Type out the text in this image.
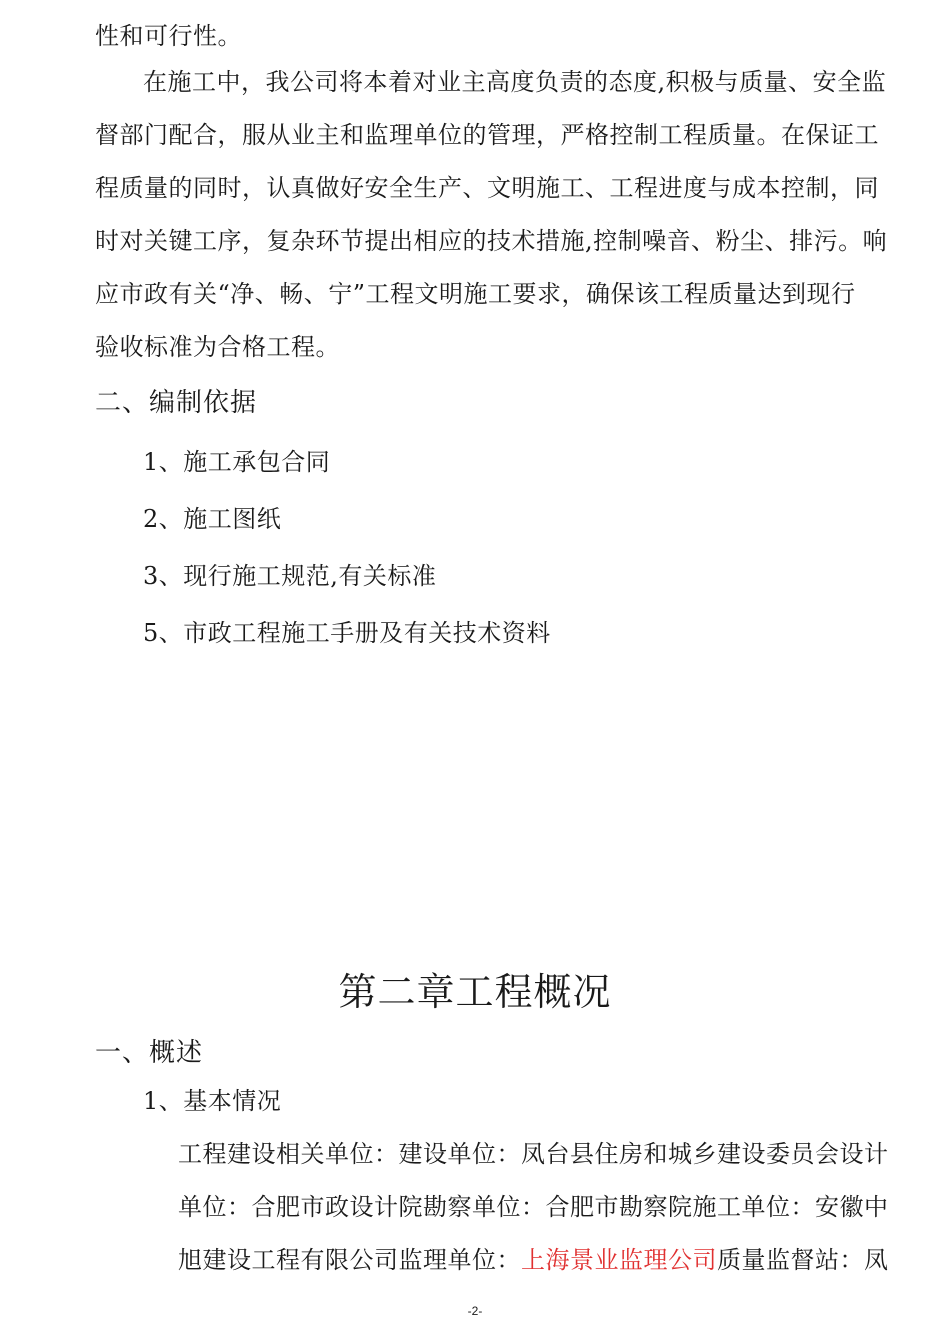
性和可行性。
在施工中，我公司将本着对业主高度负责的态度,积极与质量、安全监
督部门配合，服从业主和监理单位的管理，严格控制工程质量。在保证工
程质量的同时，认真做好安全生产、文明施工、工程进度与成本控制，同
时对关键工序，复杂环节提出相应的技术措施,控制噪音、粉尘、排污。响
应市政有关“净、畅、宁”工程文明施工要求，确保该工程质量达到现行
验收标准为合格工程。
二、编制依据
1、施工承包合同
2、施工图纸
3、现行施工规范,有关标准
5、市政工程施工手册及有关技术资料
第二章工程概况
一、概述
1、基本情况
工程建设相关单位：建设单位：凤台县住房和城乡建设委员会设计
单位：合肥市政设计院勘察单位：合肥市勘察院施工单位：安徽中
旭建设工程有限公司监理单位：上海景业监理公司质量监督站：凤
-2-
